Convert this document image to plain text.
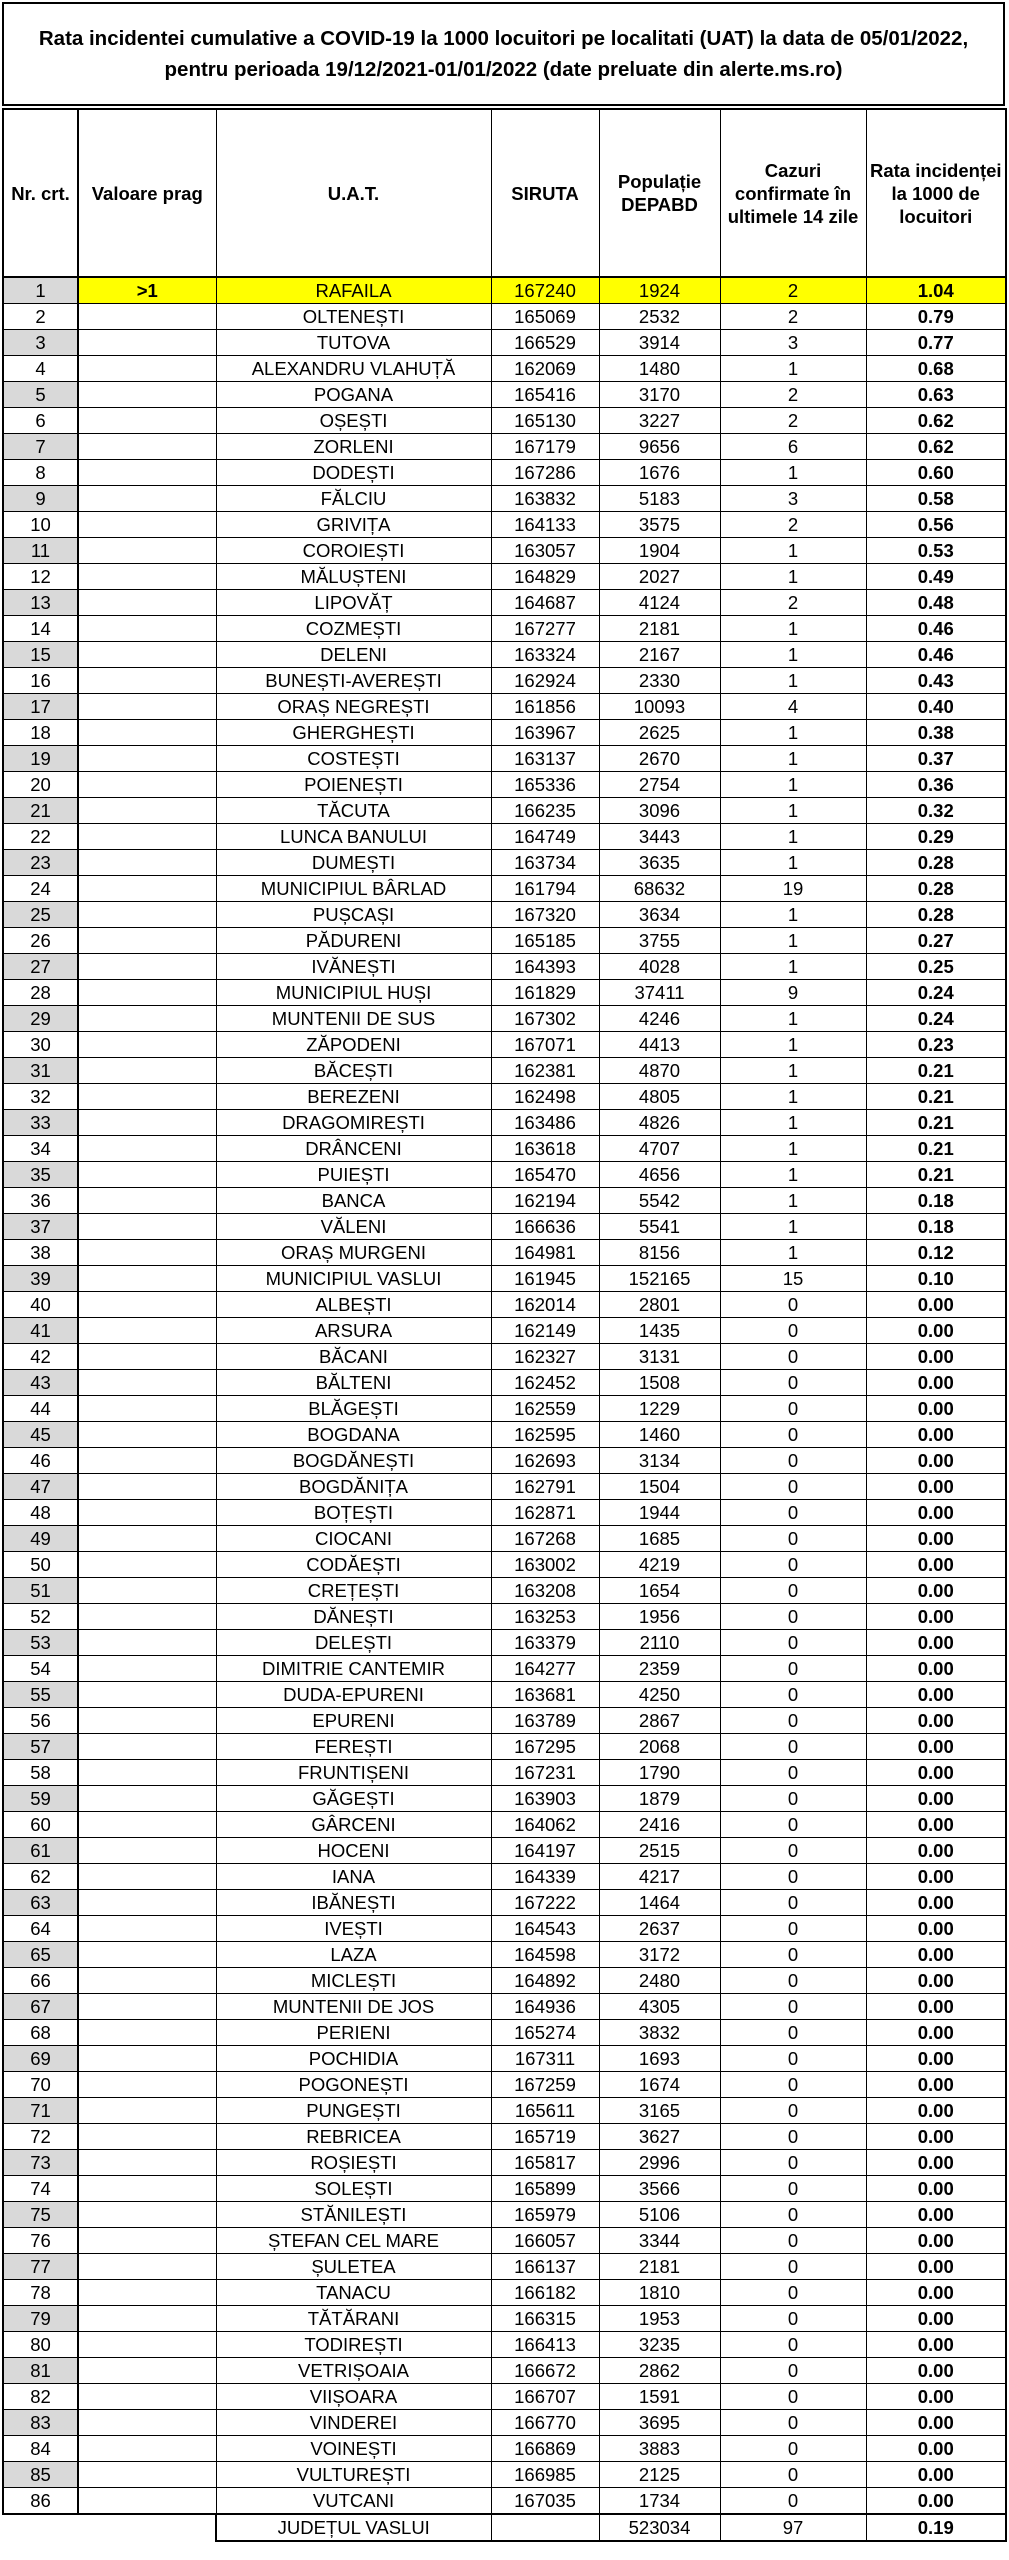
Rata incidentei cumulative a COVID-19 la 1000 locuitori pe localitati (UAT) la data de 05/01/2022,
pentru perioada 19/12/2021-01/01/2022 (date preluate din alerte.ms.ro)
Nr. crt.	Valoare prag	U.A.T.	SIRUTA	Populație DEPABD	Cazuri confirmate în ultimele 14 zile	Rata incidenței la 1000 de locuitori
1	>1	RAFAILA	167240	1924	2	1.04
2		OLTENEȘTI	165069	2532	2	0.79
3		TUTOVA	166529	3914	3	0.77
4		ALEXANDRU VLAHUȚĂ	162069	1480	1	0.68
5		POGANA	165416	3170	2	0.63
6		OȘEȘTI	165130	3227	2	0.62
7		ZORLENI	167179	9656	6	0.62
8		DODEȘTI	167286	1676	1	0.60
9		FĂLCIU	163832	5183	3	0.58
10		GRIVIȚA	164133	3575	2	0.56
11		COROIEȘTI	163057	1904	1	0.53
12		MĂLUȘTENI	164829	2027	1	0.49
13		LIPOVĂȚ	164687	4124	2	0.48
14		COZMEȘTI	167277	2181	1	0.46
15		DELENI	163324	2167	1	0.46
16		BUNEȘTI-AVEREȘTI	162924	2330	1	0.43
17		ORAȘ NEGREȘTI	161856	10093	4	0.40
18		GHERGHEȘTI	163967	2625	1	0.38
19		COSTEȘTI	163137	2670	1	0.37
20		POIENEȘTI	165336	2754	1	0.36
21		TĂCUTA	166235	3096	1	0.32
22		LUNCA BANULUI	164749	3443	1	0.29
23		DUMEȘTI	163734	3635	1	0.28
24		MUNICIPIUL BÂRLAD	161794	68632	19	0.28
25		PUȘCAȘI	167320	3634	1	0.28
26		PĂDURENI	165185	3755	1	0.27
27		IVĂNEȘTI	164393	4028	1	0.25
28		MUNICIPIUL HUȘI	161829	37411	9	0.24
29		MUNTENII DE SUS	167302	4246	1	0.24
30		ZĂPODENI	167071	4413	1	0.23
31		BĂCEȘTI	162381	4870	1	0.21
32		BEREZENI	162498	4805	1	0.21
33		DRAGOMIREȘTI	163486	4826	1	0.21
34		DRÂNCENI	163618	4707	1	0.21
35		PUIEȘTI	165470	4656	1	0.21
36		BANCA	162194	5542	1	0.18
37		VĂLENI	166636	5541	1	0.18
38		ORAȘ MURGENI	164981	8156	1	0.12
39		MUNICIPIUL VASLUI	161945	152165	15	0.10
40		ALBEȘTI	162014	2801	0	0.00
41		ARSURA	162149	1435	0	0.00
42		BĂCANI	162327	3131	0	0.00
43		BĂLTENI	162452	1508	0	0.00
44		BLĂGEȘTI	162559	1229	0	0.00
45		BOGDANA	162595	1460	0	0.00
46		BOGDĂNEȘTI	162693	3134	0	0.00
47		BOGDĂNIȚA	162791	1504	0	0.00
48		BOȚEȘTI	162871	1944	0	0.00
49		CIOCANI	167268	1685	0	0.00
50		CODĂEȘTI	163002	4219	0	0.00
51		CREȚEȘTI	163208	1654	0	0.00
52		DĂNEȘTI	163253	1956	0	0.00
53		DELEȘTI	163379	2110	0	0.00
54		DIMITRIE CANTEMIR	164277	2359	0	0.00
55		DUDA-EPURENI	163681	4250	0	0.00
56		EPURENI	163789	2867	0	0.00
57		FEREȘTI	167295	2068	0	0.00
58		FRUNTIȘENI	167231	1790	0	0.00
59		GĂGEȘTI	163903	1879	0	0.00
60		GÂRCENI	164062	2416	0	0.00
61		HOCENI	164197	2515	0	0.00
62		IANA	164339	4217	0	0.00
63		IBĂNEȘTI	167222	1464	0	0.00
64		IVEȘTI	164543	2637	0	0.00
65		LAZA	164598	3172	0	0.00
66		MICLEȘTI	164892	2480	0	0.00
67		MUNTENII DE JOS	164936	4305	0	0.00
68		PERIENI	165274	3832	0	0.00
69		POCHIDIA	167311	1693	0	0.00
70		POGONEȘTI	167259	1674	0	0.00
71		PUNGEȘTI	165611	3165	0	0.00
72		REBRICEA	165719	3627	0	0.00
73		ROȘIEȘTI	165817	2996	0	0.00
74		SOLEȘTI	165899	3566	0	0.00
75		STĂNILEȘTI	165979	5106	0	0.00
76		ȘTEFAN CEL MARE	166057	3344	0	0.00
77		ȘULETEA	166137	2181	0	0.00
78		TANACU	166182	1810	0	0.00
79		TĂTĂRANI	166315	1953	0	0.00
80		TODIREȘTI	166413	3235	0	0.00
81		VETRIȘOAIA	166672	2862	0	0.00
82		VIIȘOARA	166707	1591	0	0.00
83		VINDEREI	166770	3695	0	0.00
84		VOINEȘTI	166869	3883	0	0.00
85		VULTUREȘTI	166985	2125	0	0.00
86		VUTCANI	167035	1734	0	0.00
		JUDEȚUL VASLUI		523034	97	0.19
